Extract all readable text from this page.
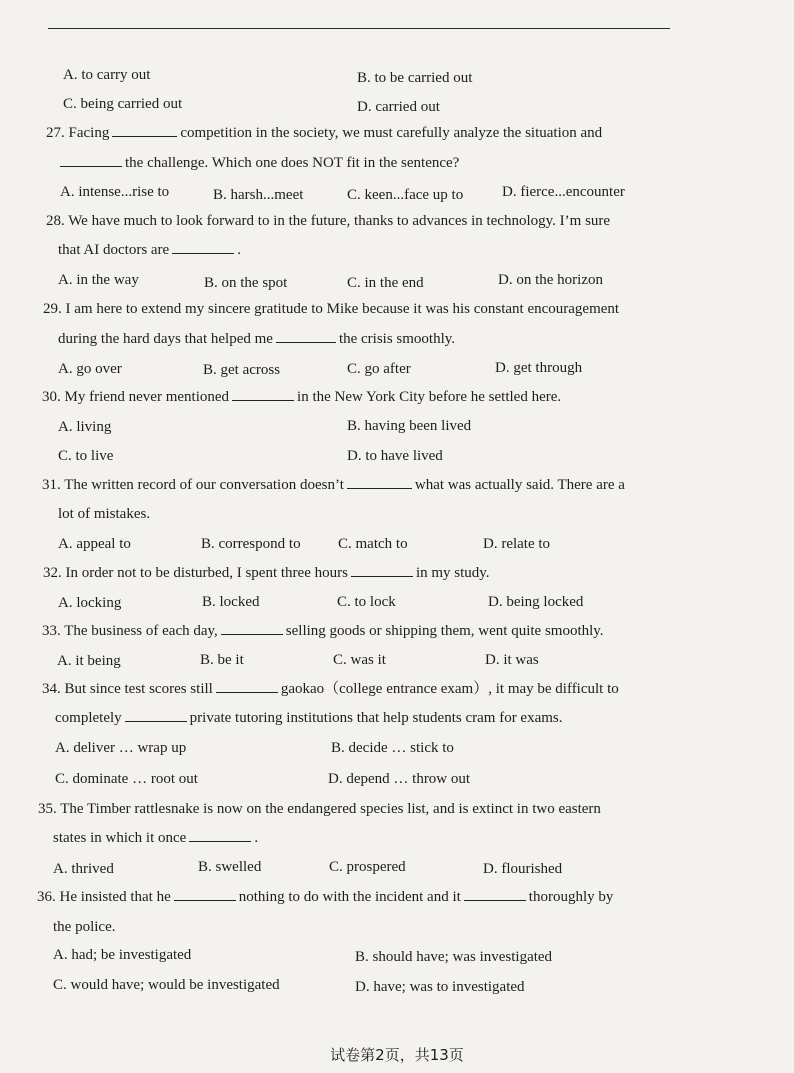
A. to carry out	B. to be carried out
C. being carried out	D. carried out
27. Facing	competition in the society, we must carefully analyze the situation and
the challenge. Which one does NOT fit in the sentence?
A. intense...rise to	B. harsh...meet	C. keen...face up to	D. fierce...encounter
28. We have much to look forward to in the future, thanks to advances in technology. I’m sure
that AI doctors are	.
A. in the way	B. on the spot	C. in the end	D. on the horizon
29. I am here to extend my sincere gratitude to Mike because it was his constant encouragement
during the hard days that helped me	the crisis smoothly.
A. go over	B. get across	C. go after	D. get through
30. My friend never mentioned	in the New York City before he settled here.
A. living	B. having been lived
C. to live	D. to have lived
31. The written record of our conversation doesn’t	what was actually said. There are a
lot of mistakes.
A. appeal to	B. correspond to C. match to	D. relate to
32. In order not to be disturbed, I spent three hours	in my study.
A. locking	B. locked	C. to lock	D. being locked
33. The business of each day,	selling goods or shipping them, went quite smoothly.
A. it being	B. be it	C. was it	D. it was
34. But since test scores still	gaokao（college entrance exam）, it may be difficult to
completely	private tutoring institutions that help students cram for exams.
A. deliver … wrap up	B. decide … stick to
C. dominate … root out	D. depend … throw out
35. The Timber rattlesnake is now on the endangered species list, and is extinct in two eastern
states in which it once	.
A. thrived	B. swelled	C. prospered	D. flourished
36. He insisted that he	nothing to do with the incident and it	thoroughly by
the police.
A. had; be investigated	B. should have; was investigated
C. would have; would be investigated	D. have; was to investigated
试卷第2页，共13页
